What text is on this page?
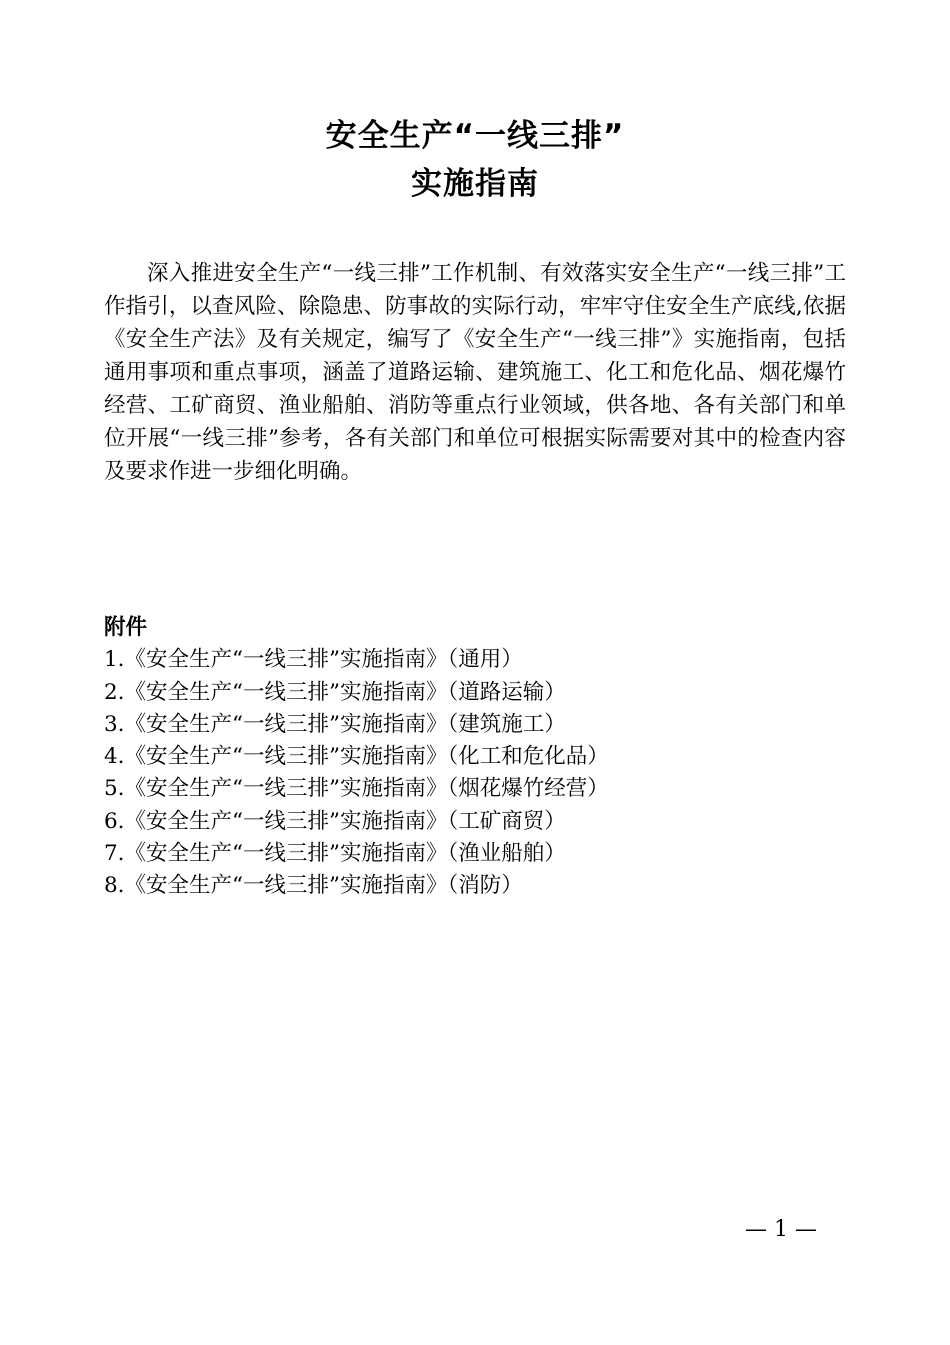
安全生产“一线三排”
实施指南

深入推进安全生产“一线三排”工作机制、有效落实安全生产“一线三排”工作指引，以查风险、除隐患、防事故的实际行动，牢牢守住安全生产底线,依据《安全生产法》及有关规定，编写了《安全生产“一线三排”》实施指南，包括通用事项和重点事项，涵盖了道路运输、建筑施工、化工和危化品、烟花爆竹经营、工矿商贸、渔业船舶、消防等重点行业领域，供各地、各有关部门和单位开展“一线三排”参考，各有关部门和单位可根据实际需要对其中的检查内容及要求作进一步细化明确。

附件
1.《安全生产“一线三排”实施指南》（通用）
2.《安全生产“一线三排”实施指南》（道路运输）
3.《安全生产“一线三排”实施指南》（建筑施工）
4.《安全生产“一线三排”实施指南》（化工和危化品）
5.《安全生产“一线三排”实施指南》（烟花爆竹经营）
6.《安全生产“一线三排”实施指南》（工矿商贸）
7.《安全生产“一线三排”实施指南》（渔业船舶）
8.《安全生产“一线三排”实施指南》（消防）
— 1 —
